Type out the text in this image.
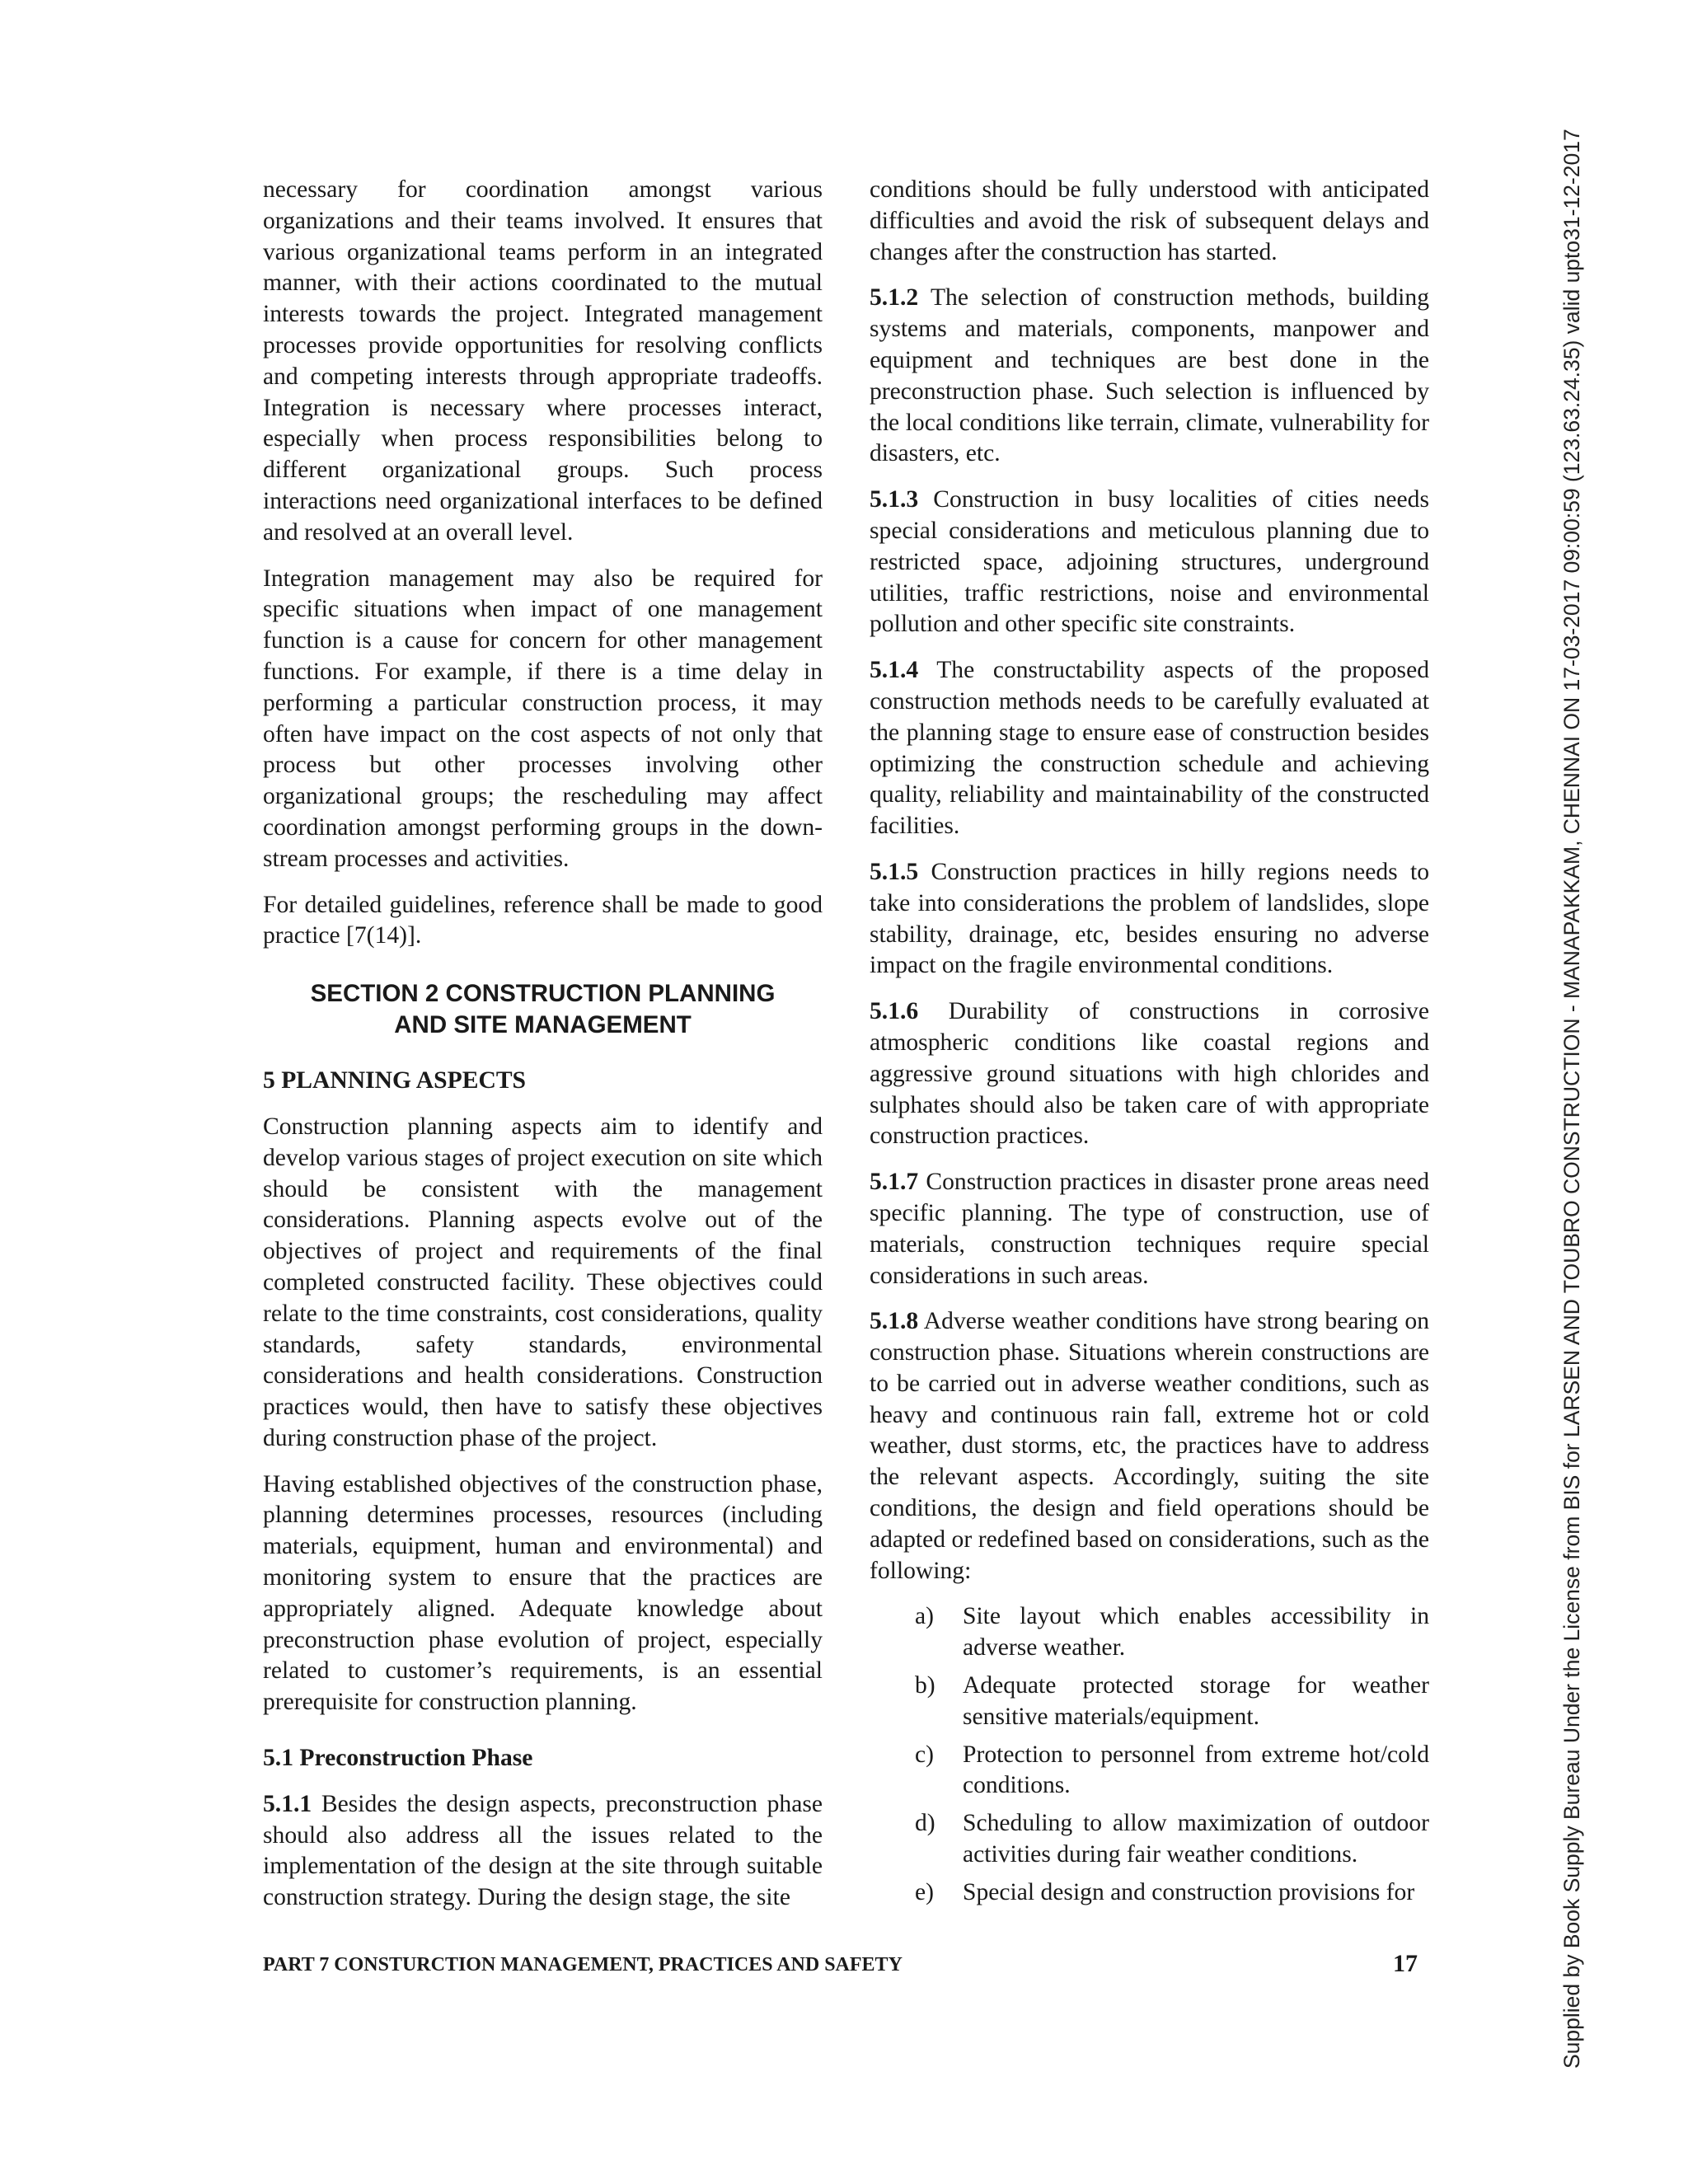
Supplied by Book Supply Bureau Under the License from BIS for LARSEN AND TOUBRO CONSTRUCTION - MANAPAKKAM, CHENNAI ON 17-03-2017 09:00:59 (123.63.24.35) valid upto31-12-2017

necessary for coordination amongst various organizations and their teams involved. It ensures that various organizational teams perform in an integrated manner, with their actions coordinated to the mutual interests towards the project. Integrated management processes provide opportunities for resolving conflicts and competing interests through appropriate tradeoffs. Integration is necessary where processes interact, especially when process responsibilities belong to different organizational groups. Such process interactions need organizational interfaces to be defined and resolved at an overall level.

Integration management may also be required for specific situations when impact of one management function is a cause for concern for other management functions. For example, if there is a time delay in performing a particular construction process, it may often have impact on the cost aspects of not only that process but other processes involving other organizational groups; the rescheduling may affect coordination amongst performing groups in the down-stream processes and activities.

For detailed guidelines, reference shall be made to good practice [7(14)].

SECTION 2 CONSTRUCTION PLANNING
AND SITE MANAGEMENT
5 PLANNING ASPECTS

Construction planning aspects aim to identify and develop various stages of project execution on site which should be consistent with the management considerations. Planning aspects evolve out of the objectives of project and requirements of the final completed constructed facility. These objectives could relate to the time constraints, cost considerations, quality standards, safety standards, environmental considerations and health considerations. Construction practices would, then have to satisfy these objectives during construction phase of the project.

Having established objectives of the construction phase, planning determines processes, resources (including materials, equipment, human and environmental) and monitoring system to ensure that the practices are appropriately aligned. Adequate knowledge about preconstruction phase evolution of project, especially related to customer’s requirements, is an essential prerequisite for construction planning.

5.1 Preconstruction Phase

5.1.1 Besides the design aspects, preconstruction phase should also address all the issues related to the implementation of the design at the site through suitable construction strategy. During the design stage, the site

conditions should be fully understood with anticipated difficulties and avoid the risk of subsequent delays and changes after the construction has started.

5.1.2 The selection of construction methods, building systems and materials, components, manpower and equipment and techniques are best done in the preconstruction phase. Such selection is influenced by the local conditions like terrain, climate, vulnerability for disasters, etc.

5.1.3 Construction in busy localities of cities needs special considerations and meticulous planning due to restricted space, adjoining structures, underground utilities, traffic restrictions, noise and environmental pollution and other specific site constraints.

5.1.4 The constructability aspects of the proposed construction methods needs to be carefully evaluated at the planning stage to ensure ease of construction besides optimizing the construction schedule and achieving quality, reliability and maintainability of the constructed facilities.

5.1.5 Construction practices in hilly regions needs to take into considerations the problem of landslides, slope stability, drainage, etc, besides ensuring no adverse impact on the fragile environmental conditions.

5.1.6 Durability of constructions in corrosive atmospheric conditions like coastal regions and aggressive ground situations with high chlorides and sulphates should also be taken care of with appropriate construction practices.

5.1.7 Construction practices in disaster prone areas need specific planning. The type of construction, use of materials, construction techniques require special considerations in such areas.

5.1.8 Adverse weather conditions have strong bearing on construction phase. Situations wherein constructions are to be carried out in adverse weather conditions, such as heavy and continuous rain fall, extreme hot or cold weather, dust storms, etc, the practices have to address the relevant aspects. Accordingly, suiting the site conditions, the design and field operations should be adapted or redefined based on considerations, such as the following:

a) Site layout which enables accessibility in adverse weather.
b) Adequate protected storage for weather sensitive materials/equipment.
c) Protection to personnel from extreme hot/cold conditions.
d) Scheduling to allow maximization of outdoor activities during fair weather conditions.
e) Special design and construction provisions for
PART 7 CONSTURCTION MANAGEMENT, PRACTICES AND SAFETY	17
